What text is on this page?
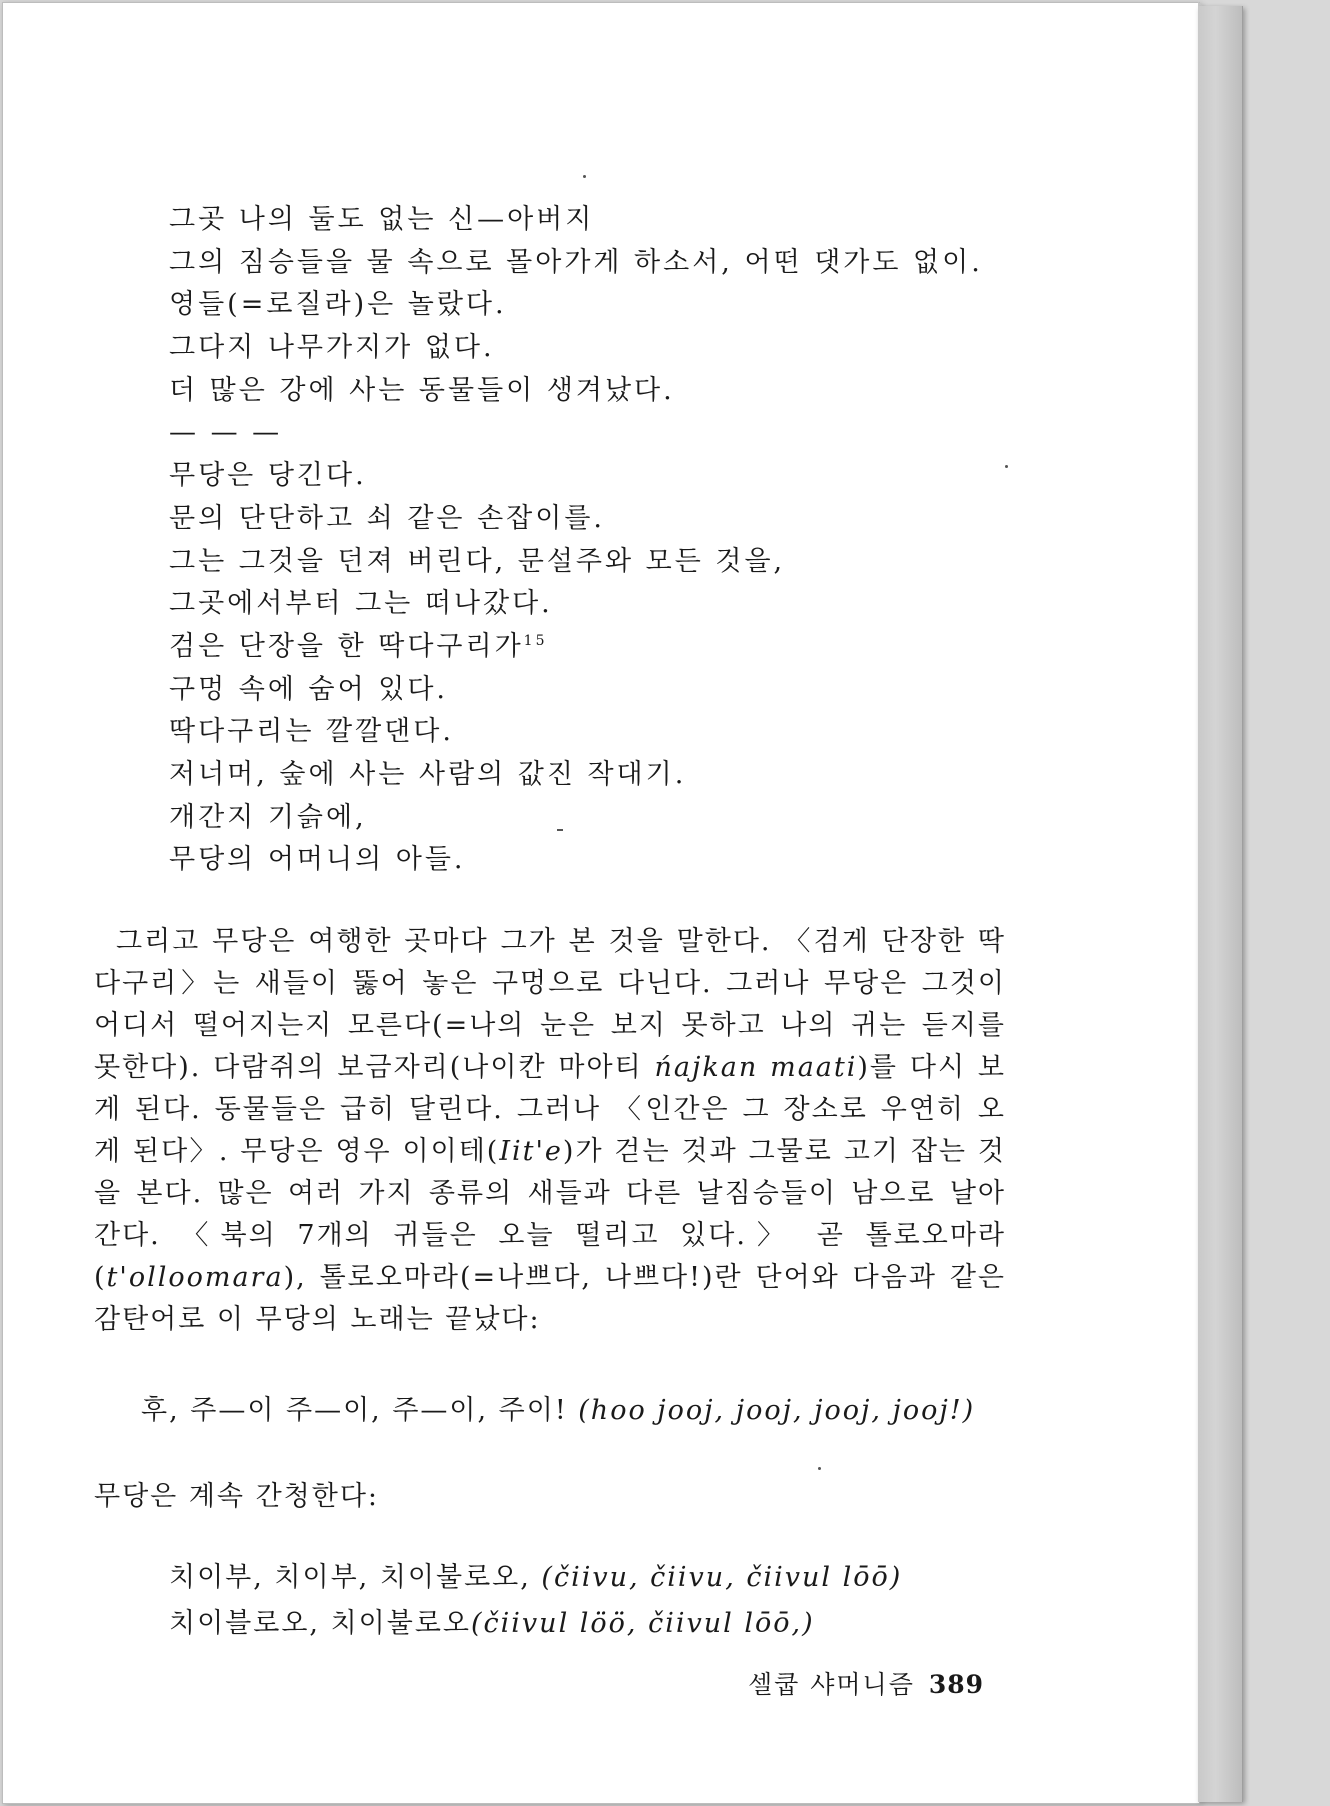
그곳 나의 둘도 없는 신—아버지
그의 짐승들을 물 속으로 몰아가게 하소서, 어떤 댓가도 없이.
영들(=로질라)은 놀랐다.
그다지 나무가지가 없다.
더 많은 강에 사는 동물들이 생겨났다.
— — —
무당은 당긴다.
문의 단단하고 쇠 같은 손잡이를.
그는 그것을 던져 버린다, 문설주와 모든 것을,
그곳에서부터 그는 떠나갔다.
검은 단장을 한 딱다구리가$^{15}$
구멍 속에 숨어 있다.
딱다구리는 깔깔댄다.
저너머, 숲에 사는 사람의 값진 작대기.
개간지 기슭에,
무당의 어머니의 아들.
그리고 무당은 여행한 곳마다 그가 본 것을 말한다. 〈검게 단장한 딱다구리〉는 새들이 뚫어 놓은 구멍으로 다닌다. 그러나 무당은 그것이 어디서 떨어지는지 모른다(=나의 눈은 보지 못하고 나의 귀는 듣지를 못한다). 다람쥐의 보금자리(나이칸 마아티 ńajkan maati)를 다시 보게 된다. 동물들은 급히 달린다. 그러나 〈인간은 그 장소로 우연히 오게 된다〉. 무당은 영우 이이테(Iit'e)가 걷는 것과 그물로 고기 잡는 것을 본다. 많은 여러 가지 종류의 새들과 다른 날짐승들이 남으로 날아 간다. 〈북의 7개의 귀들은 오늘 떨리고 있다.〉 곧 톨로오마라(t'olloomara), 톨로오마라(=나쁘다, 나쁘다!)란 단어와 다음과 같은 감탄어로 이 무당의 노래는 끝났다:
후, 주—이 주—이, 주—이, 주이! (hoo jooj, jooj, jooj, jooj!)
무당은 계속 간청한다:
치이부, 치이부, 치이불로오, (čiivu, čiivu, čiivul lōō)
치이블로오, 치이불로오(čiivul lö̈ö̈, čiivul lōō,)
셀쿱 샤머니즘 389
